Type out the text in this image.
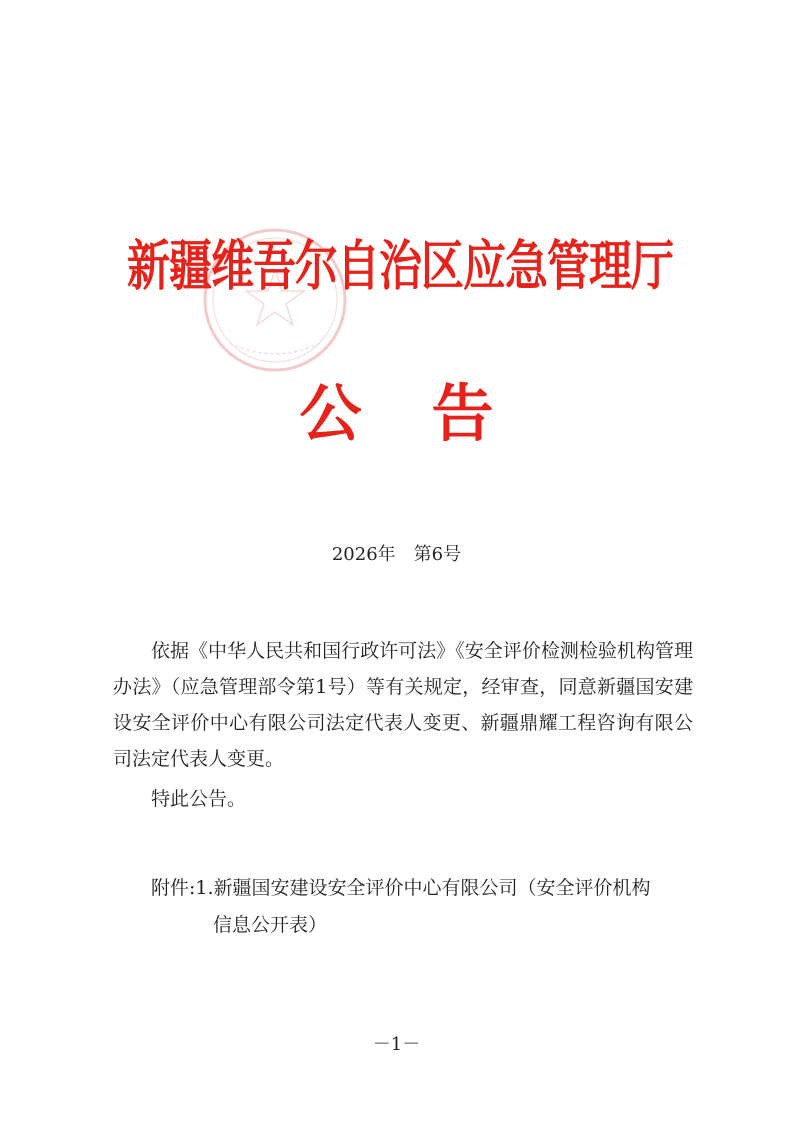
新疆维吾尔自治区应急管理厅
公告
2026年　第6号

依据《中华人民共和国行政许可法》《安全评价检测检验机构管理办法》（应急管理部令第1号）等有关规定，经审查，同意新疆国安建设安全评价中心有限公司法定代表人变更、新疆鼎耀工程咨询有限公司法定代表人变更。

特此公告。

附件:1.新疆国安建设安全评价中心有限公司（安全评价机构
信息公开表）
－1－
